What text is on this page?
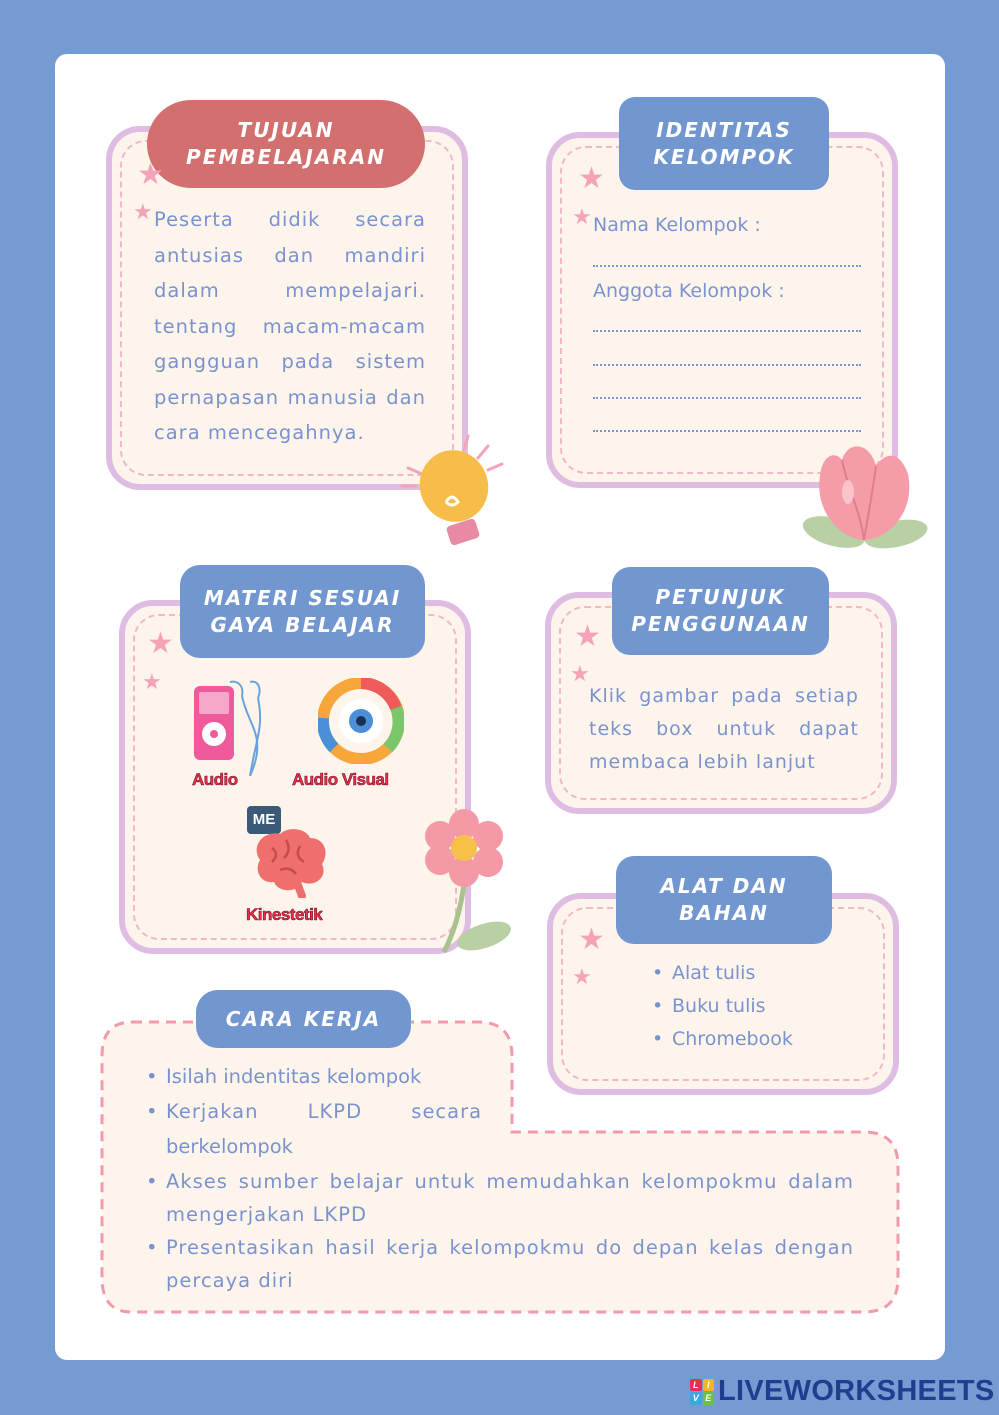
TUJUAN
PEMBELAJARAN
★
★ Peserta didik secara antusias dan mandiri dalam mempelajari. tentang macam-macam gangguan pada sistem pernapasan manusia dan cara mencegahnya.
IDENTITAS
KELOMPOK
★
★ Nama Kelompok :
Anggota Kelompok :
MATERI SESUAI
GAYA BELAJAR
★
★
Audio	Audio Visual
ME
Kinestetik
PETUNJUK
PENGGUNAAN
★
★
Klik gambar pada setiap teks box untuk dapat membaca lebih lanjut
ALAT DAN
BAHAN
★
★
•	Alat tulis
• Buku tulis
• Chromebook
CARA KERJA
• Isilah indentitas kelompok
• Kerjakan LKPD secara
berkelompok
• Akses sumber belajar untuk memudahkan kelompokmu dalam mengerjakan LKPD
• Presentasikan hasil kerja kelompokmu do depan kelas dengan percaya diri
L I
V E LIVEWORKSHEETS
